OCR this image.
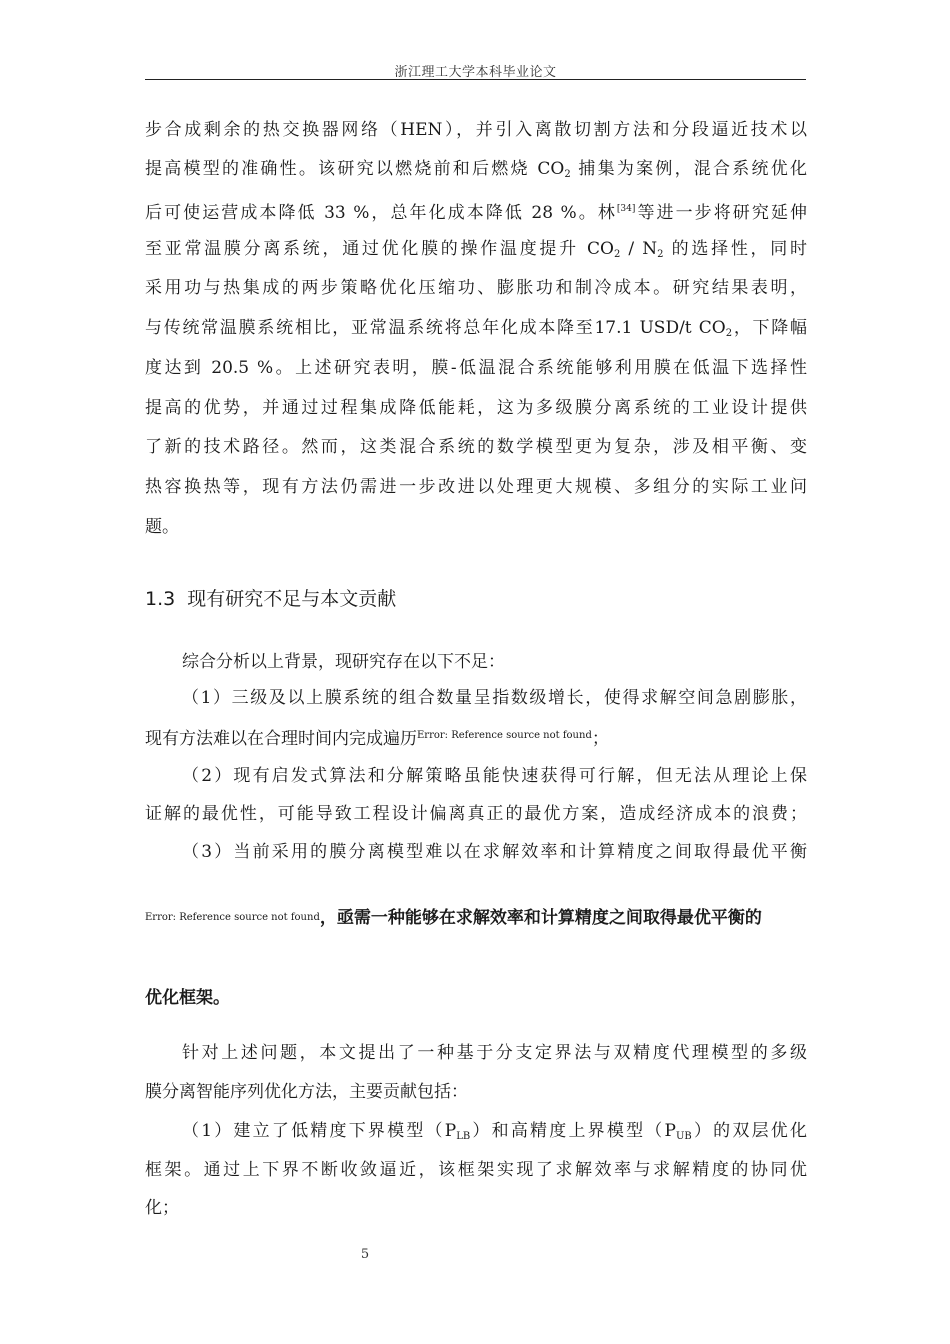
浙江理工大学本科毕业论文
步合成剩余的热交换器网络（HEN），并引入离散切割方法和分段逼近技术以
提高模型的准确性。该研究以燃烧前和后燃烧 $CO_2$ 捕集为案例，混合系统优化
后可使运营成本降低 33 %，总年化成本降低 28 %。林[34]等进一步将研究延伸
至亚常温膜分离系统，通过优化膜的操作温度提升 $CO_2 / N_2$ 的选择性，同时
采用功与热集成的两步策略优化压缩功、膨胀功和制冷成本。研究结果表明，
与传统常温膜系统相比，亚常温系统将总年化成本降至17.1 USD/t $CO_2$，下降幅
度达到 20.5 %。上述研究表明，膜-低温混合系统能够利用膜在低温下选择性
提高的优势，并通过过程集成降低能耗，这为多级膜分离系统的工业设计提供
了新的技术路径。然而，这类混合系统的数学模型更为复杂，涉及相平衡、变
热容换热等，现有方法仍需进一步改进以处理更大规模、多组分的实际工业问
题。
1.3 现有研究不足与本文贡献
综合分析以上背景，现研究存在以下不足：
（1）三级及以上膜系统的组合数量呈指数级增长，使得求解空间急剧膨胀，
现有方法难以在合理时间内完成遍历$^{Error: Reference source not found}$；
（2）现有启发式算法和分解策略虽能快速获得可行解，但无法从理论上保
证解的最优性，可能导致工程设计偏离真正的最优方案，造成经济成本的浪费；
（3）当前采用的膜分离模型难以在求解效率和计算精度之间取得最优平衡
Error: Reference source not found，亟需一种能够在求解效率和计算精度之间取得最优平衡的
优化框架。
针对上述问题，本文提出了一种基于分支定界法与双精度代理模型的多级
膜分离智能序列优化方法，主要贡献包括：
（1）建立了低精度下界模型$(P_{LB})$和高精度上界模型$(P_{UB})$的双层优化
框架。通过上下界不断收敛逼近，该框架实现了求解效率与求解精度的协同优
化；
5
